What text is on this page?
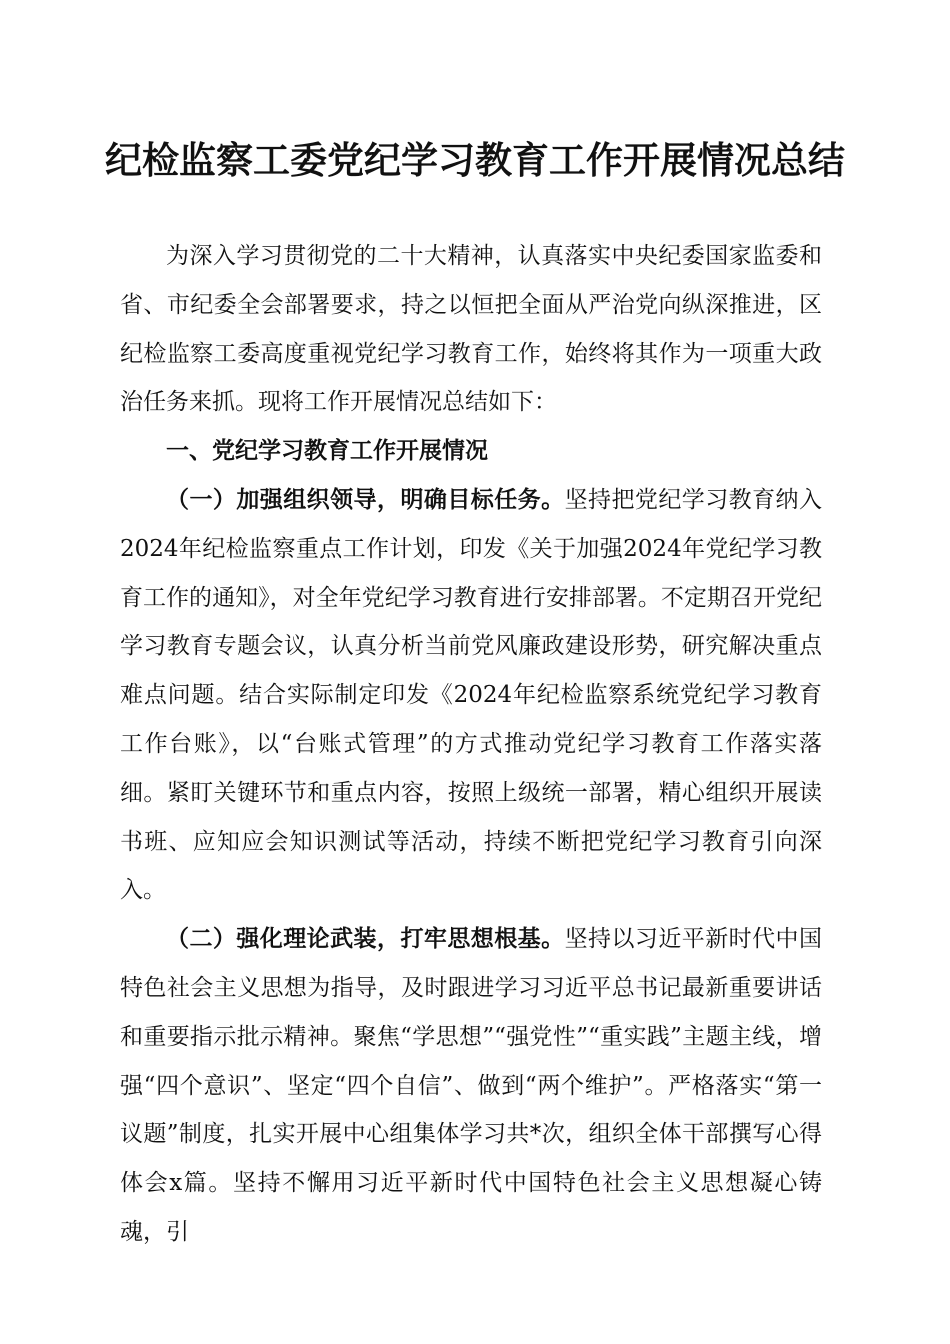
纪检监察工委党纪学习教育工作开展情况总结

为深入学习贯彻党的二十大精神，认真落实中央纪委国家监委和省、市纪委全会部署要求，持之以恒把全面从严治党向纵深推进，区纪检监察工委高度重视党纪学习教育工作，始终将其作为一项重大政治任务来抓。现将工作开展情况总结如下：

一、党纪学习教育工作开展情况

（一）加强组织领导，明确目标任务。坚持把党纪学习教育纳入2024年纪检监察重点工作计划，印发《关于加强2024年党纪学习教育工作的通知》，对全年党纪学习教育进行安排部署。不定期召开党纪学习教育专题会议，认真分析当前党风廉政建设形势，研究解决重点难点问题。结合实际制定印发《2024年纪检监察系统党纪学习教育工作台账》，以“台账式管理”的方式推动党纪学习教育工作落实落细。紧盯关键环节和重点内容，按照上级统一部署，精心组织开展读书班、应知应会知识测试等活动，持续不断把党纪学习教育引向深入。

（二）强化理论武装，打牢思想根基。坚持以习近平新时代中国特色社会主义思想为指导，及时跟进学习习近平总书记最新重要讲话和重要指示批示精神。聚焦“学思想”“强党性”“重实践”主题主线，增强“四个意识”、坚定“四个自信”、做到“两个维护”。严格落实“第一议题”制度，扎实开展中心组集体学习共*次，组织全体干部撰写心得体会x篇。坚持不懈用习近平新时代中国特色社会主义思想凝心铸魂，引
